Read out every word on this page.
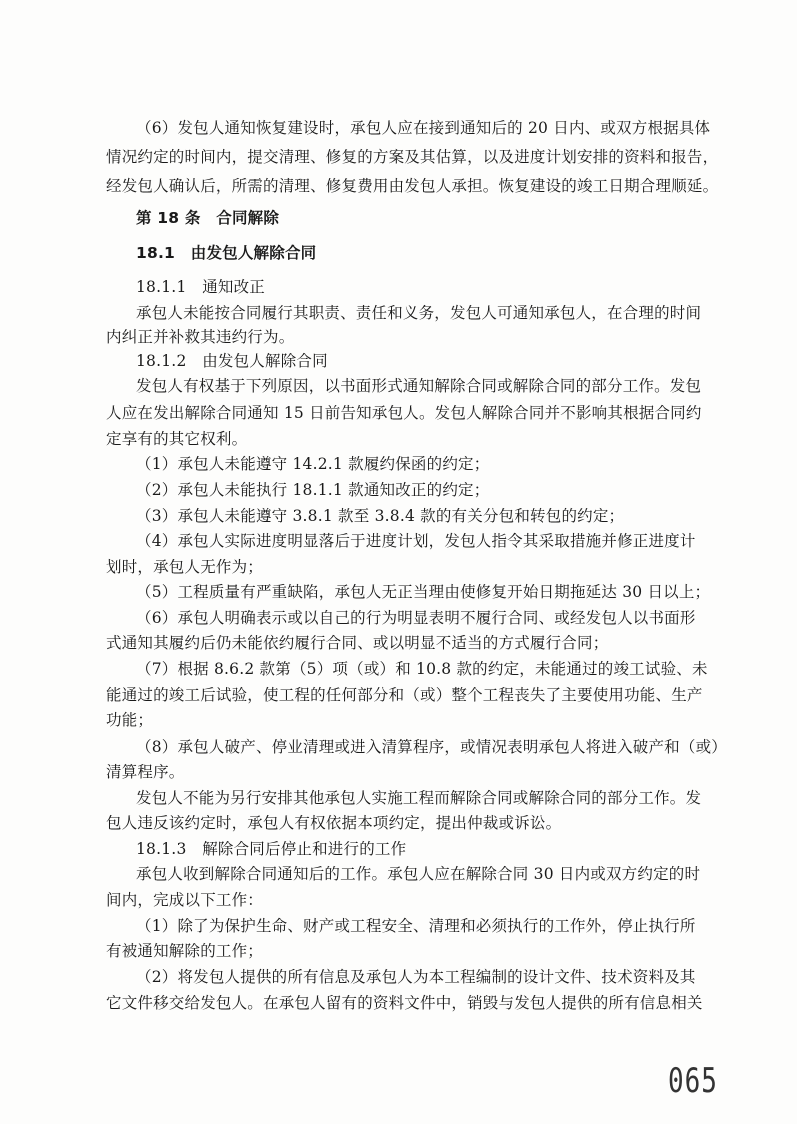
（6）发包人通知恢复建设时，承包人应在接到通知后的 20 日内、或双方根据具体
情况约定的时间内，提交清理、修复的方案及其估算，以及进度计划安排的资料和报告，
经发包人确认后，所需的清理、修复费用由发包人承担。恢复建设的竣工日期合理顺延。
第 18 条　合同解除
18.1　由发包人解除合同
18.1.1　通知改正
承包人未能按合同履行其职责、责任和义务，发包人可通知承包人，在合理的时间
内纠正并补救其违约行为。
18.1.2　由发包人解除合同
发包人有权基于下列原因，以书面形式通知解除合同或解除合同的部分工作。发包
人应在发出解除合同通知 15 日前告知承包人。发包人解除合同并不影响其根据合同约
定享有的其它权利。
（1）承包人未能遵守 14.2.1 款履约保函的约定；
（2）承包人未能执行 18.1.1 款通知改正的约定；
（3）承包人未能遵守 3.8.1 款至 3.8.4 款的有关分包和转包的约定；
（4）承包人实际进度明显落后于进度计划，发包人指令其采取措施并修正进度计
划时，承包人无作为；
（5）工程质量有严重缺陷，承包人无正当理由使修复开始日期拖延达 30 日以上；
（6）承包人明确表示或以自己的行为明显表明不履行合同、或经发包人以书面形
式通知其履约后仍未能依约履行合同、或以明显不适当的方式履行合同；
（7）根据 8.6.2 款第（5）项（或）和 10.8 款的约定，未能通过的竣工试验、未
能通过的竣工后试验，使工程的任何部分和（或）整个工程丧失了主要使用功能、生产
功能；
（8）承包人破产、停业清理或进入清算程序，或情况表明承包人将进入破产和（或）
清算程序。
发包人不能为另行安排其他承包人实施工程而解除合同或解除合同的部分工作。发
包人违反该约定时，承包人有权依据本项约定，提出仲裁或诉讼。
18.1.3　解除合同后停止和进行的工作
承包人收到解除合同通知后的工作。承包人应在解除合同 30 日内或双方约定的时
间内，完成以下工作：
（1）除了为保护生命、财产或工程安全、清理和必须执行的工作外，停止执行所
有被通知解除的工作；
（2）将发包人提供的所有信息及承包人为本工程编制的设计文件、技术资料及其
它文件移交给发包人。在承包人留有的资料文件中，销毁与发包人提供的所有信息相关
065
